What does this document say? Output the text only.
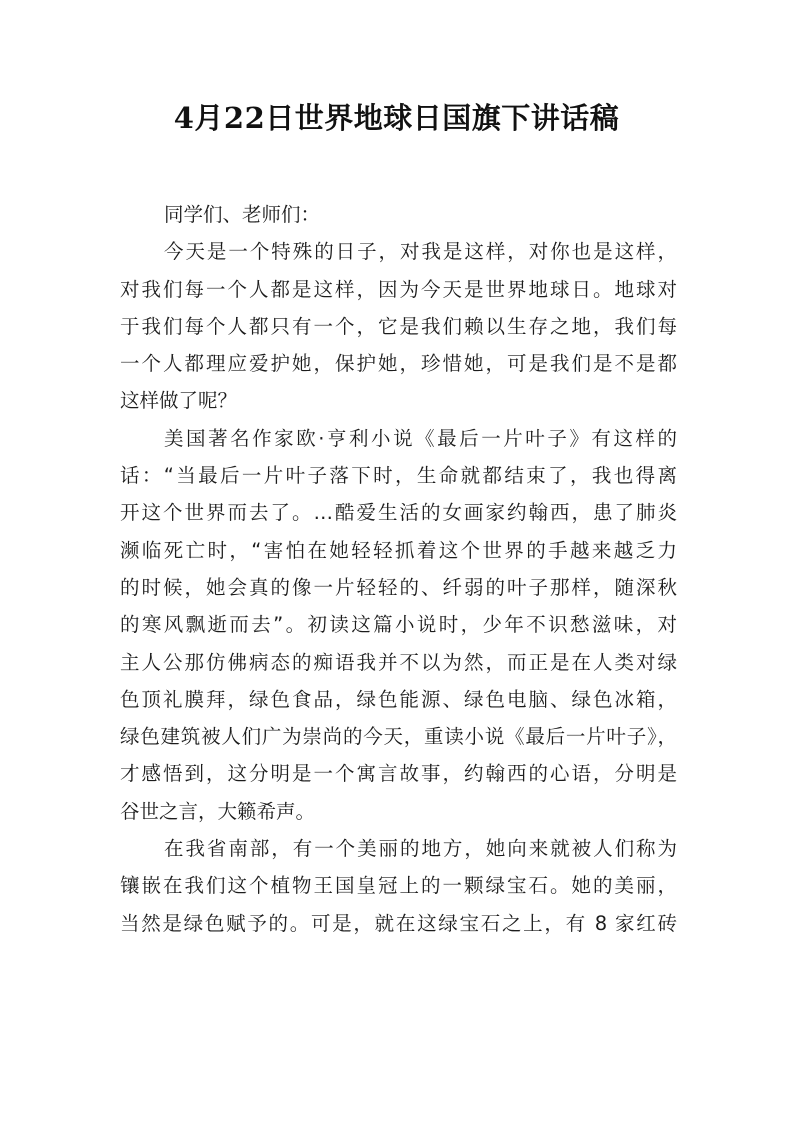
4月22日世界地球日国旗下讲话稿
同学们、老师们：
今天是一个特殊的日子，对我是这样，对你也是这样，
对我们每一个人都是这样，因为今天是世界地球日。地球对
于我们每个人都只有一个，它是我们赖以生存之地，我们每
一个人都理应爱护她，保护她，珍惜她，可是我们是不是都
这样做了呢？
美国著名作家欧·亨利小说《最后一片叶子》有这样的
话：“当最后一片叶子落下时，生命就都结束了，我也得离
开这个世界而去了。…酷爱生活的女画家约翰西，患了肺炎
濒临死亡时，“害怕在她轻轻抓着这个世界的手越来越乏力
的时候，她会真的像一片轻轻的、纤弱的叶子那样，随深秋
的寒风飘逝而去”。初读这篇小说时，少年不识愁滋味，对
主人公那仿佛病态的痴语我并不以为然，而正是在人类对绿
色顶礼膜拜，绿色食品，绿色能源、绿色电脑、绿色冰箱，
绿色建筑被人们广为崇尚的今天，重读小说《最后一片叶子》，
才感悟到，这分明是一个寓言故事，约翰西的心语，分明是
谷世之言，大籁希声。
在我省南部，有一个美丽的地方，她向来就被人们称为
镶嵌在我们这个植物王国皇冠上的一颗绿宝石。她的美丽，
当然是绿色赋予的。可是，就在这绿宝石之上，有 8 家红砖
